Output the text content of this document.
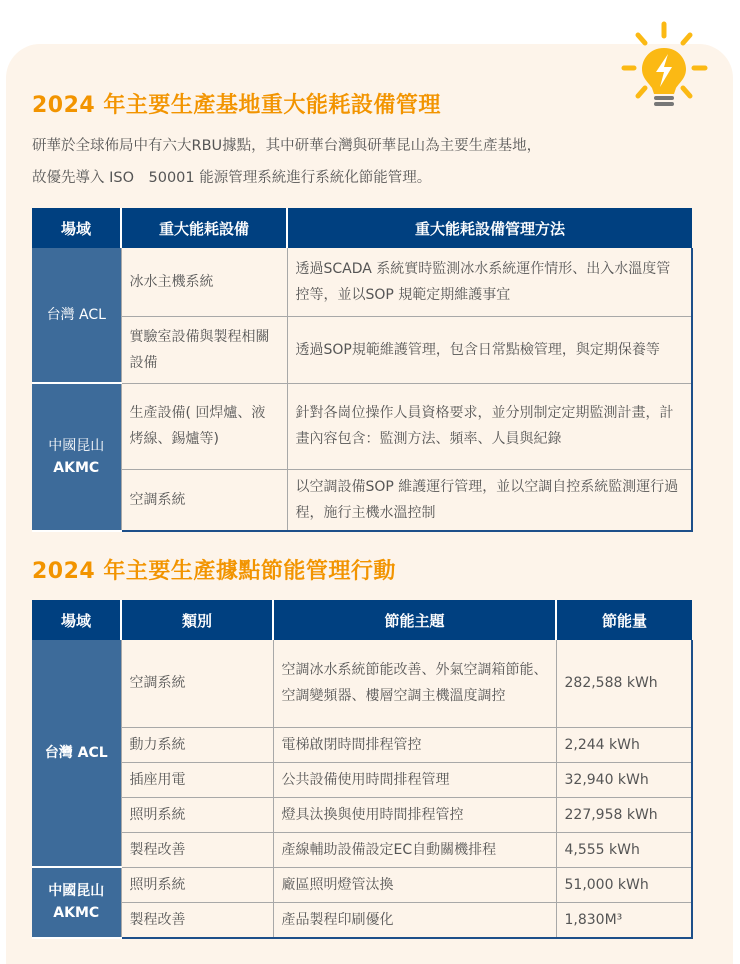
2024 年主要生產基地重大能耗設備管理

研華於全球佈局中有六大RBU據點，其中研華台灣與研華昆山為主要生產基地，

故優先導入 ISO　50001 能源管理系統進行系統化節能管理。

場域	重大能耗設備	重大能耗設備管理方法
台灣 ACL	冰水主機系統	透過SCADA 系統實時監測冰水系統運作情形、出入水溫度管控等，並以SOP 規範定期維護事宜
	實驗室設備與製程相關設備	透過SOP規範維護管理，包含日常點檢管理，與定期保養等

中國昆山
AKMC	生產設備( 回焊爐、液烤線、錫爐等)	針對各崗位操作人員資格要求，並分別制定定期監測計畫，計畫內容包含：監測方法、頻率、人員與紀錄
	空調系統	以空調設備SOP 維護運行管理，並以空調自控系統監測運行過程，施行主機水溫控制
2024 年主要生產據點節能管理行動
場域	類別	節能主題	節能量
台灣 ACL	空調系統	空調冰水系統節能改善、外氣空調箱節能、空調變頻器、樓層空調主機溫度調控	282,588 kWh
	動力系統	電梯啟閉時間排程管控	2,244 kWh
	插座用電	公共設備使用時間排程管理	32,940 kWh
	照明系統	燈具汰換與使用時間排程管控	227,958 kWh
	製程改善	產線輔助設備設定EC自動關機排程	4,555 kWh

中國昆山
AKMC	照明系統	廠區照明燈管汰換	51,000 kWh
	製程改善	產品製程印刷優化	1,830M³
